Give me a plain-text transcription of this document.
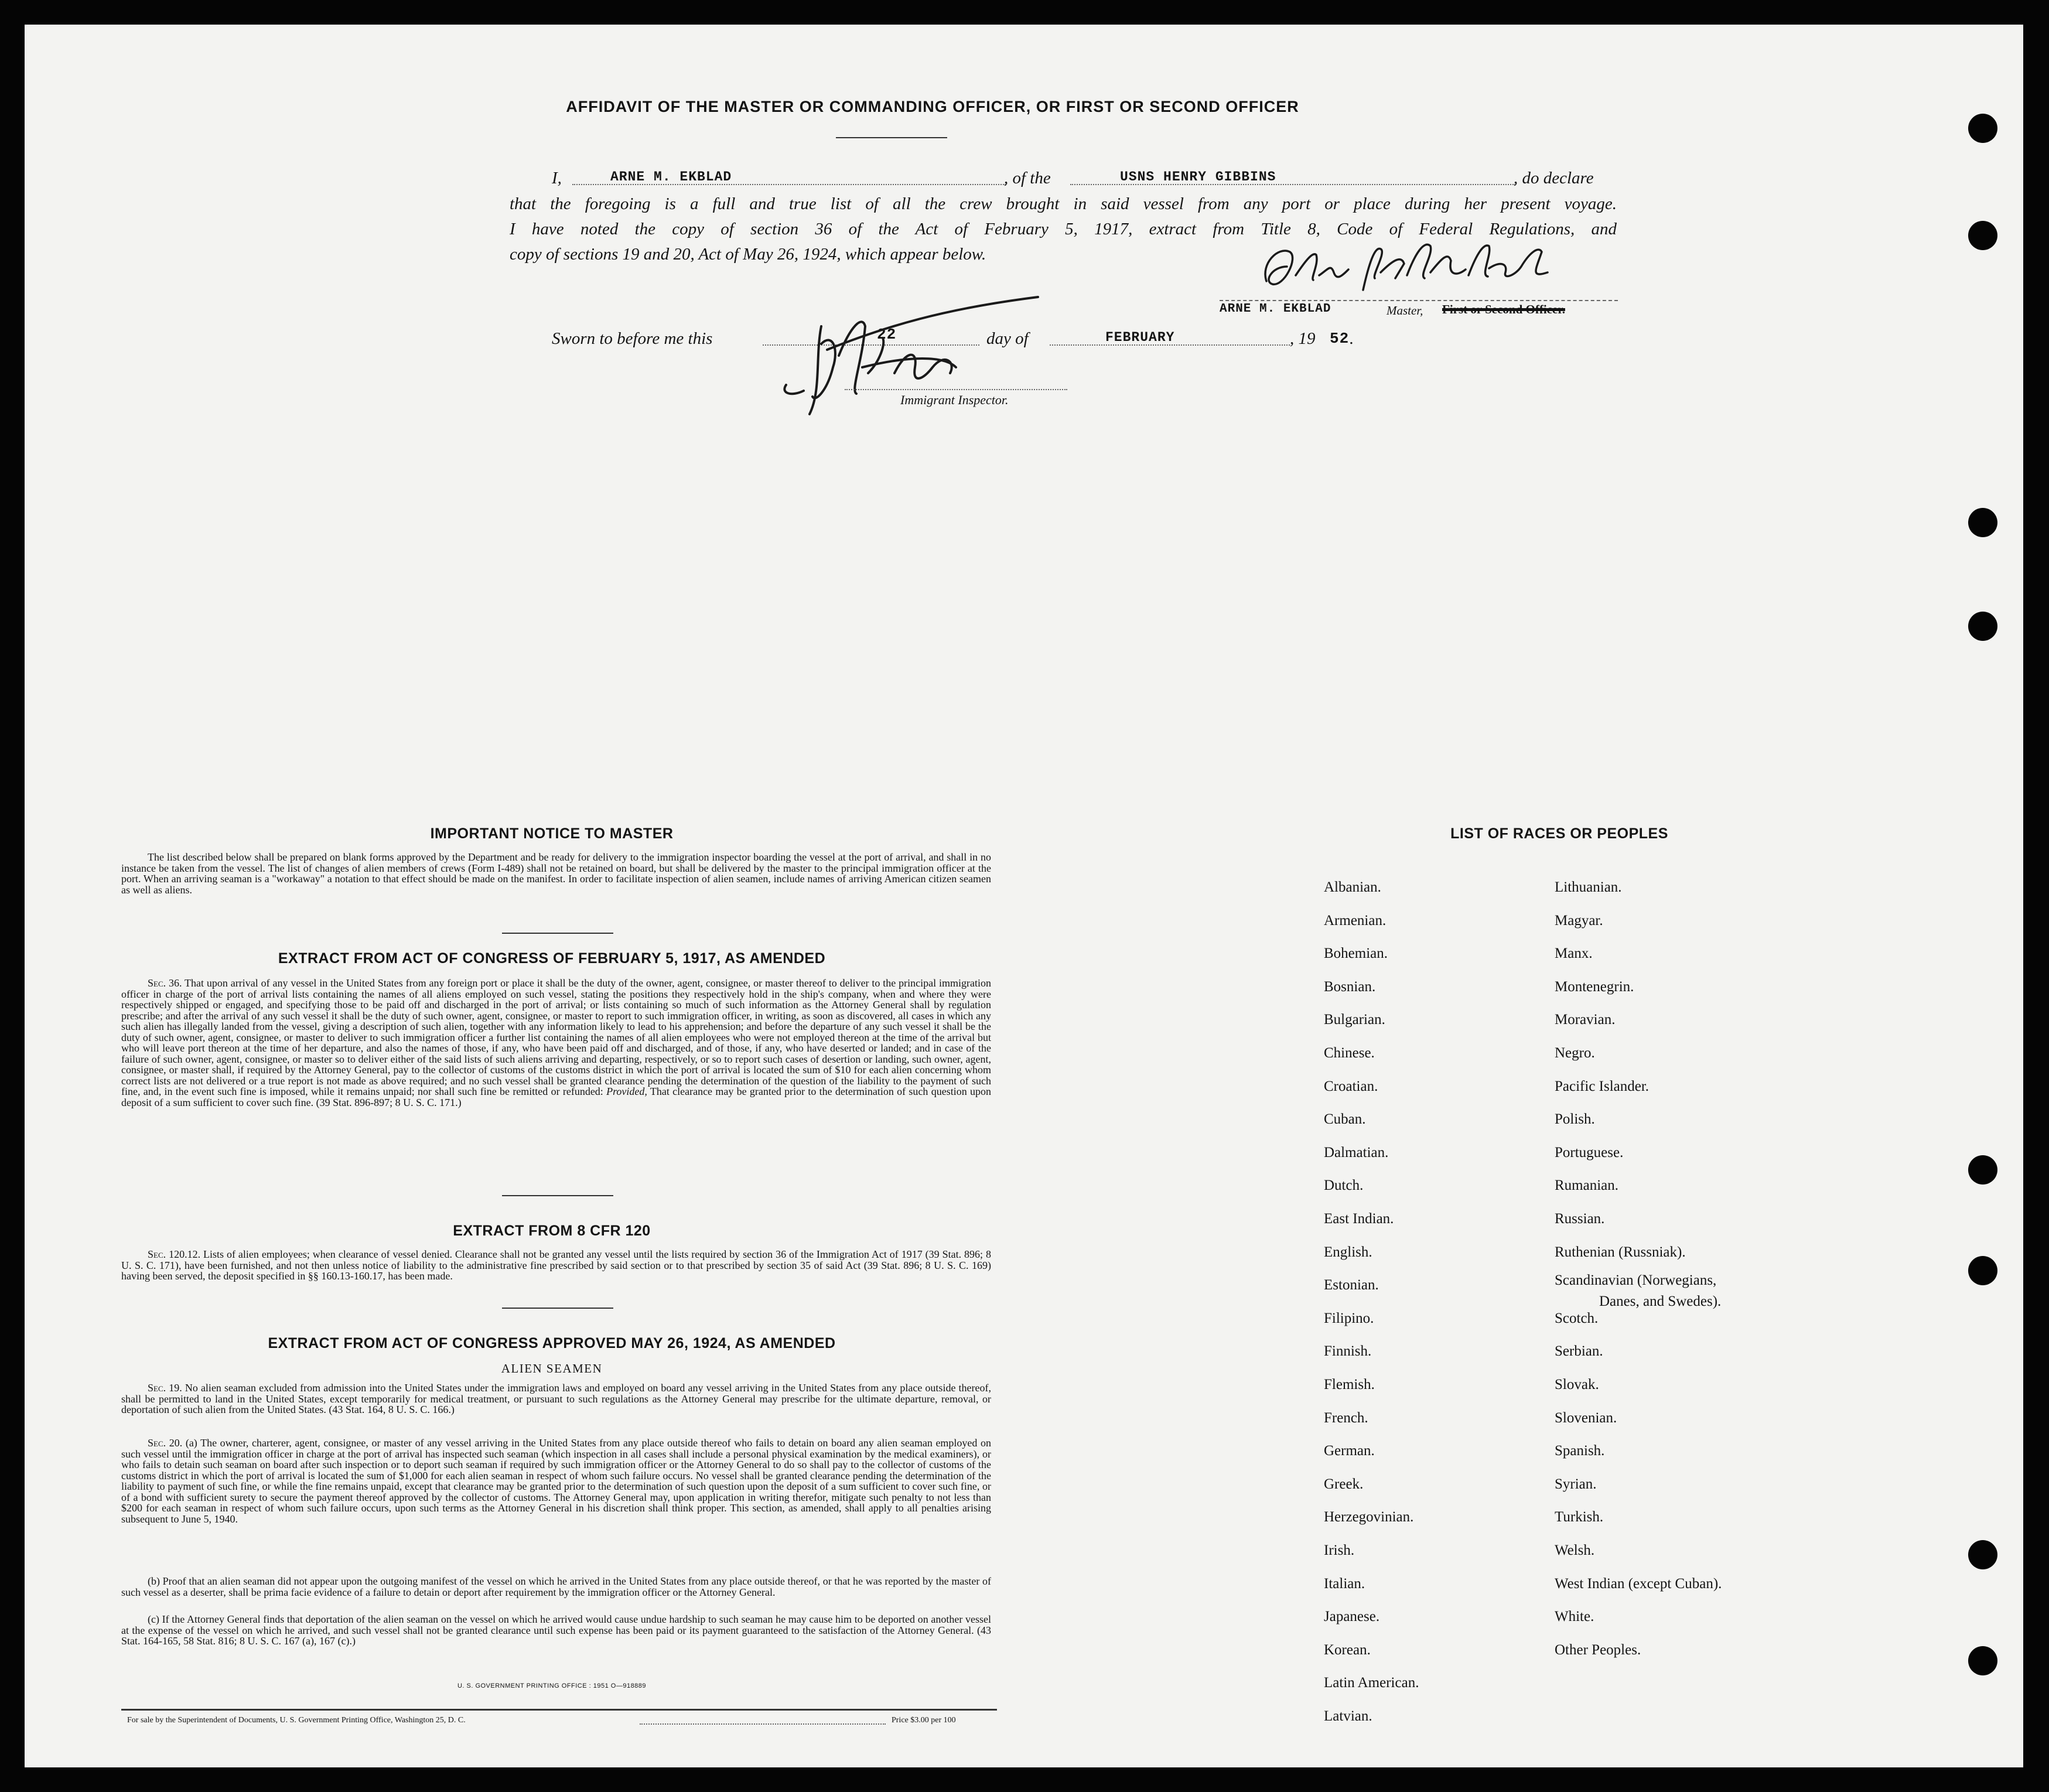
AFFIDAVIT OF THE MASTER OR COMMANDING OFFICER, OR FIRST OR SECOND OFFICER
I,	ARNE M. EKBLAD	, of the	USNS HENRY GIBBINS	, do declare
that the foregoing is a full and true list of all the crew brought in said vessel from any port or place during her present voyage.
I have noted the copy of section 36 of the Act of February 5, 1917, extract from Title 8, Code of Federal Regulations, and
copy of sections 19 and 20, Act of May 26, 1924, which appear below.
ARNE M. EKBLAD	Master, First or Second Officer.
Sworn to before me this	22	day of	FEBRUARY	, 19 52 .
Immigrant Inspector.
IMPORTANT NOTICE TO MASTER
The list described below shall be prepared on blank forms approved by the Department and be ready for delivery to the immigration inspector boarding the vessel at the port of arrival, and shall in no instance be taken from the vessel. The list of changes of alien members of crews (Form I-489) shall not be retained on board, but shall be delivered by the master to the principal immigration officer at the port. When an arriving seaman is a "workaway" a notation to that effect should be made on the manifest. In order to facilitate inspection of alien seamen, include names of arriving American citizen seamen as well as aliens.
EXTRACT FROM ACT OF CONGRESS OF FEBRUARY 5, 1917, AS AMENDED
Sec. 36. That upon arrival of any vessel in the United States from any foreign port or place it shall be the duty of the owner, agent, consignee, or master thereof to deliver to the principal immigration officer in charge of the port of arrival lists containing the names of all aliens employed on such vessel, stating the positions they respectively hold in the ship's company, when and where they were respectively shipped or engaged, and specifying those to be paid off and discharged in the port of arrival; or lists containing so much of such information as the Attorney General shall by regulation prescribe; and after the arrival of any such vessel it shall be the duty of such owner, agent, consignee, or master to report to such immigration officer, in writing, as soon as discovered, all cases in which any such alien has illegally landed from the vessel, giving a description of such alien, together with any information likely to lead to his apprehension; and before the departure of any such vessel it shall be the duty of such owner, agent, consignee, or master to deliver to such immigration officer a further list containing the names of all alien employees who were not employed thereon at the time of the arrival but who will leave port thereon at the time of her departure, and also the names of those, if any, who have been paid off and discharged, and of those, if any, who have deserted or landed; and in case of the failure of such owner, agent, consignee, or master so to deliver either of the said lists of such aliens arriving and departing, respectively, or so to report such cases of desertion or landing, such owner, agent, consignee, or master shall, if required by the Attorney General, pay to the collector of customs of the customs district in which the port of arrival is located the sum of $10 for each alien concerning whom correct lists are not delivered or a true report is not made as above required; and no such vessel shall be granted clearance pending the determination of the question of the liability to the payment of such fine, and, in the event such fine is imposed, while it remains unpaid; nor shall such fine be remitted or refunded: Provided, That clearance may be granted prior to the determination of such question upon deposit of a sum sufficient to cover such fine. (39 Stat. 896-897; 8 U. S. C. 171.)
EXTRACT FROM 8 CFR 120
Sec. 120.12. Lists of alien employees; when clearance of vessel denied. Clearance shall not be granted any vessel until the lists required by section 36 of the Immigration Act of 1917 (39 Stat. 896; 8 U. S. C. 171), have been furnished, and not then unless notice of liability to the administrative fine prescribed by said section or to that prescribed by section 35 of said Act (39 Stat. 896; 8 U. S. C. 169) having been served, the deposit specified in §§ 160.13-160.17, has been made.
EXTRACT FROM ACT OF CONGRESS APPROVED MAY 26, 1924, AS AMENDED
ALIEN SEAMEN
Sec. 19. No alien seaman excluded from admission into the United States under the immigration laws and employed on board any vessel arriving in the United States from any place outside thereof, shall be permitted to land in the United States, except temporarily for medical treatment, or pursuant to such regulations as the Attorney General may prescribe for the ultimate departure, removal, or deportation of such alien from the United States. (43 Stat. 164, 8 U. S. C. 166.)
Sec. 20. (a) The owner, charterer, agent, consignee, or master of any vessel arriving in the United States from any place outside thereof who fails to detain on board any alien seaman employed on such vessel until the immigration officer in charge at the port of arrival has inspected such seaman (which inspection in all cases shall include a personal physical examination by the medical examiners), or who fails to detain such seaman on board after such inspection or to deport such seaman if required by such immigration officer or the Attorney General to do so shall pay to the collector of customs of the customs district in which the port of arrival is located the sum of $1,000 for each alien seaman in respect of whom such failure occurs. No vessel shall be granted clearance pending the determination of the liability to payment of such fine, or while the fine remains unpaid, except that clearance may be granted prior to the determination of such question upon the deposit of a sum sufficient to cover such fine, or of a bond with sufficient surety to secure the payment thereof approved by the collector of customs. The Attorney General may, upon application in writing therefor, mitigate such penalty to not less than $200 for each seaman in respect of whom such failure occurs, upon such terms as the Attorney General in his discretion shall think proper. This section, as amended, shall apply to all penalties arising subsequent to June 5, 1940.
(b) Proof that an alien seaman did not appear upon the outgoing manifest of the vessel on which he arrived in the United States from any place outside thereof, or that he was reported by the master of such vessel as a deserter, shall be prima facie evidence of a failure to detain or deport after requirement by the immigration officer or the Attorney General.
(c) If the Attorney General finds that deportation of the alien seaman on the vessel on which he arrived would cause undue hardship to such seaman he may cause him to be deported on another vessel at the expense of the vessel on which he arrived, and such vessel shall not be granted clearance until such expense has been paid or its payment guaranteed to the satisfaction of the Attorney General. (43 Stat. 164-165, 58 Stat. 816; 8 U. S. C. 167 (a), 167 (c).)
U. S. GOVERNMENT PRINTING OFFICE : 1951 O—918889
For sale by the Superintendent of Documents, U. S. Government Printing Office, Washington 25, D. C.	Price $3.00 per 100
LIST OF RACES OR PEOPLES
Albanian.
Armenian.
Bohemian.
Bosnian.
Bulgarian.
Chinese.
Croatian.
Cuban.
Dalmatian.
Dutch.
East Indian.
English.
Estonian.
Filipino.
Finnish.
Flemish.
French.
German.
Greek.
Herzegovinian.
Irish.
Italian.
Japanese.
Korean.
Latin American.
Latvian.
Lithuanian.
Magyar.
Manx.
Montenegrin.
Moravian.
Negro.
Pacific Islander.
Polish.
Portuguese.
Rumanian.
Russian.
Ruthenian (Russniak).
Scandinavian (Norwegians,
Danes, and Swedes).
Scotch.
Serbian.
Slovak.
Slovenian.
Spanish.
Syrian.
Turkish.
Welsh.
West Indian (except Cuban).
White.
Other Peoples.
